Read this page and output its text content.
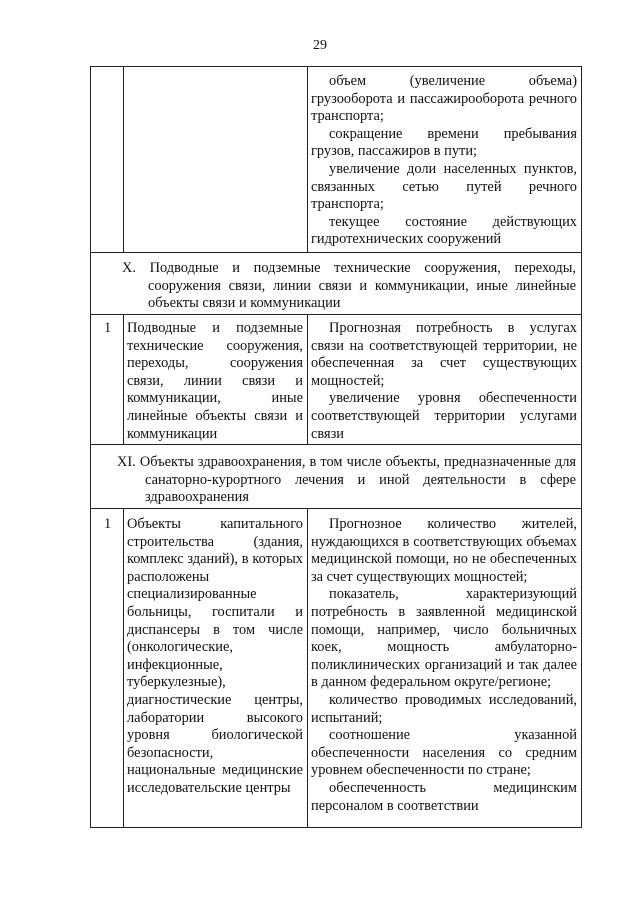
29

объем (увеличение объема) грузооборота и пассажирооборота речного транспорта;

сокращение времени пребывания грузов, пассажиров в пути;

увеличение доли населенных пунктов, связанных сетью путей речного транспорта;

текущее состояние действующих гидротехнических сооружений

X. Подводные и подземные технические сооружения, переходы, сооружения связи, линии связи и коммуникации, иные линейные объекты связи и коммуникации
1 Подводные и подземные технические сооружения, переходы, сооружения связи, линии связи и коммуникации, иные линейные объекты связи и коммуникации

Прогнозная потребность в услугах связи на соответствующей территории, не обеспеченная за счет существующих мощностей;

увеличение уровня обеспеченности соответствующей территории услугами связи

XI. Объекты здравоохранения, в том числе объекты, предназначенные для санаторно-курортного лечения и иной деятельности в сфере здравоохранения
1 Объекты капитального строительства (здания, комплекс зданий), в которых расположены специализированные больницы, госпитали и диспансеры в том числе (онкологические, инфекционные, туберкулезные), диагностические центры, лаборатории высокого уровня биологической безопасности, национальные медицинские исследовательские центры

Прогнозное количество жителей, нуждающихся в соответствующих объемах медицинской помощи, но не обеспеченных за счет существующих мощностей;

показатель, характеризующий потребность в заявленной медицинской помощи, например, число больничных коек, мощность амбулаторно-поликлинических организаций и так далее в данном федеральном округе/регионе;

количество проводимых исследований, испытаний;

соотношение указанной обеспеченности населения со средним уровнем обеспеченности по стране;

обеспеченность медицинским персоналом в соответствии
